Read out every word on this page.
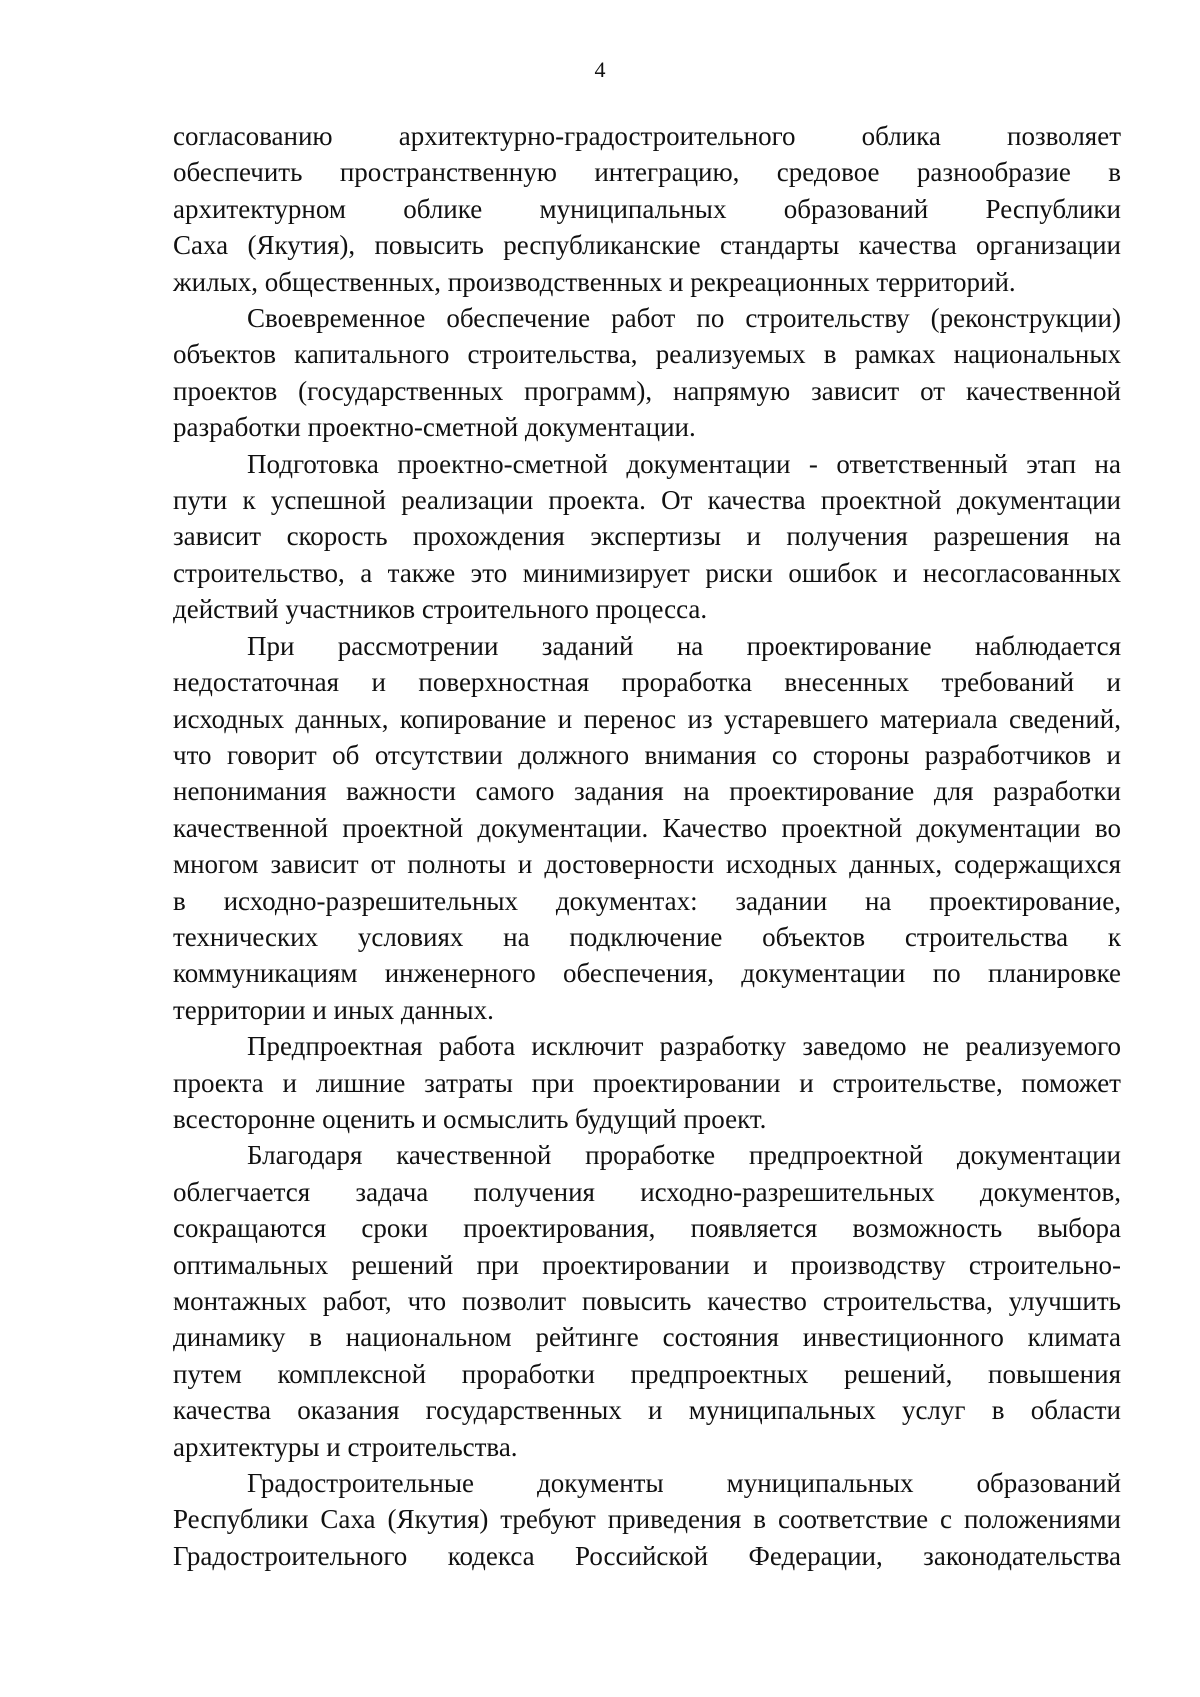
4

согласованию архитектурно-градостроительного облика позволяет
обеспечить пространственную интеграцию, средовое разнообразие в
архитектурном облике муниципальных образований Республики
Саха (Якутия), повысить республиканские стандарты качества организации
жилых, общественных, производственных и рекреационных территорий.

Своевременное обеспечение работ по строительству (реконструкции)
объектов капитального строительства, реализуемых в рамках национальных
проектов (государственных программ), напрямую зависит от качественной
разработки проектно-сметной документации.

Подготовка проектно-сметной документации - ответственный этап на
пути к успешной реализации проекта. От качества проектной документации
зависит скорость прохождения экспертизы и получения разрешения на
строительство, а также это минимизирует риски ошибок и несогласованных
действий участников строительного процесса.

При рассмотрении заданий на проектирование наблюдается
недостаточная и поверхностная проработка внесенных требований и
исходных данных, копирование и перенос из устаревшего материала сведений,
что говорит об отсутствии должного внимания со стороны разработчиков и
непонимания важности самого задания на проектирование для разработки
качественной проектной документации. Качество проектной документации во
многом зависит от полноты и достоверности исходных данных, содержащихся
в исходно-разрешительных документах: задании на проектирование,
технических условиях на подключение объектов строительства к
коммуникациям инженерного обеспечения, документации по планировке
территории и иных данных.

Предпроектная работа исключит разработку заведомо не реализуемого
проекта и лишние затраты при проектировании и строительстве, поможет
всесторонне оценить и осмыслить будущий проект.

Благодаря качественной проработке предпроектной документации
облегчается задача получения исходно-разрешительных документов,
сокращаются сроки проектирования, появляется возможность выбора
оптимальных решений при проектировании и производству строительно-
монтажных работ, что позволит повысить качество строительства, улучшить
динамику в национальном рейтинге состояния инвестиционного климата
путем комплексной проработки предпроектных решений, повышения
качества оказания государственных и муниципальных услуг в области
архитектуры и строительства.

Градостроительные документы муниципальных образований
Республики Саха (Якутия) требуют приведения в соответствие с положениями
Градостроительного кодекса Российской Федерации, законодательства
